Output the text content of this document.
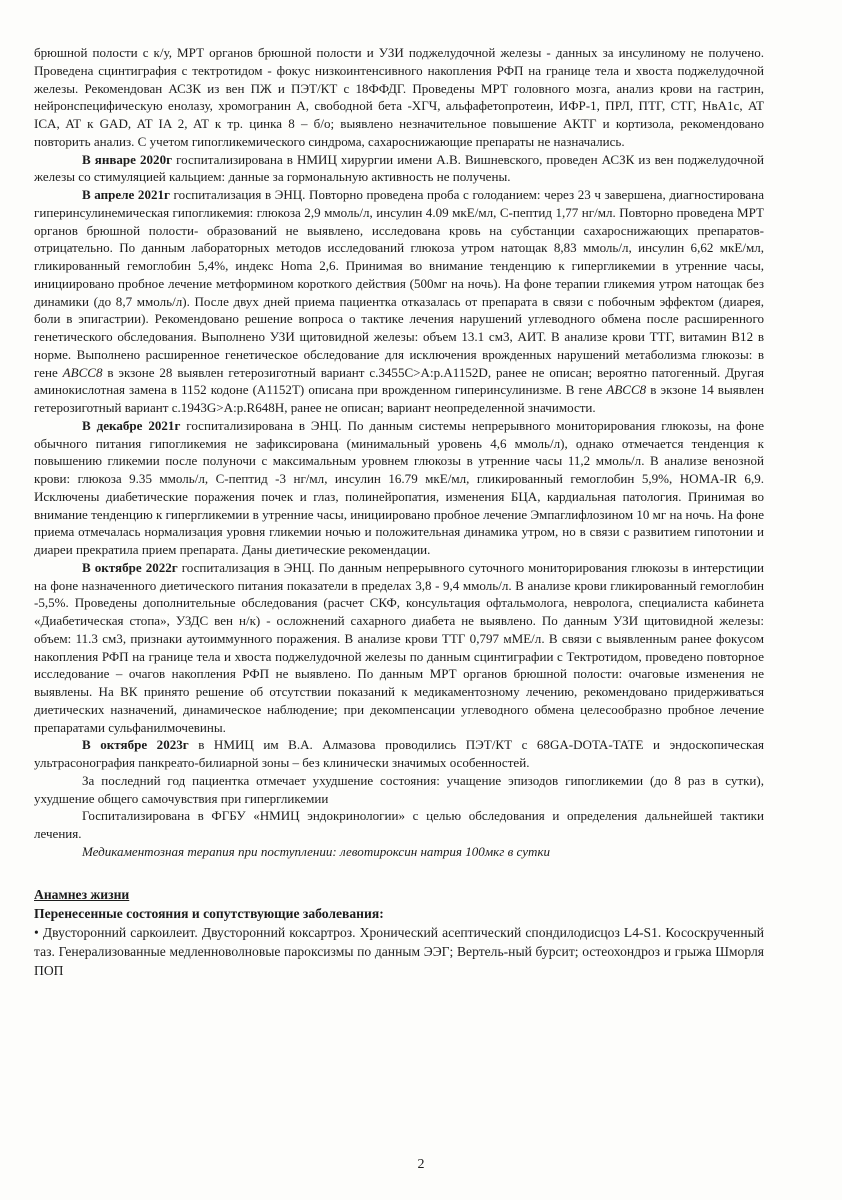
брюшной полости с к/у, МРТ органов брюшной полости и УЗИ поджелудочной железы - данных за инсулиному не получено. Проведена сцинтиграфия с тектротидом - фокус низкоинтенсивного накопления РФП на границе тела и хвоста поджелудочной железы. Рекомендован АСЗК из вен ПЖ и ПЭТ/КТ с 18ФФДГ. Проведены МРТ головного мозга, анализ крови на гастрин, нейронспецифическую енолазу, хромогранин А, свободной бета -ХГЧ, альфафетопротеин, ИФР-1, ПРЛ, ПТГ, СТГ, НвА1с, AT ICA, AT к GAD, AT IA 2, AT к тр. цинка 8 – б/о; выявлено незначительное повышение АКТГ и кортизола, рекомендовано повторить анализ. С учетом гипогликемического синдрома, сахароснижающие препараты не назначались.

В январе 2020г госпитализирована в НМИЦ хирургии имени А.В. Вишневского, проведен АСЗК из вен поджелудочной железы со стимуляцией кальцием: данные за гормональную активность не получены.

В апреле 2021г госпитализация в ЭНЦ. Повторно проведена проба с голоданием: через 23 ч завершена, диагностирована гиперинсулинемическая гипогликемия: глюкоза 2,9 ммоль/л, инсулин 4.09 мкЕ/мл, С-пептид 1,77 нг/мл. Повторно проведена МРТ органов брюшной полости- образований не выявлено, исследована кровь на субстанции сахароснижающих препаратов- отрицательно. По данным лабораторных методов исследований глюкоза утром натощак 8,83 ммоль/л, инсулин 6,62 мкЕ/мл, гликированный гемоглобин 5,4%, индекс Homa 2,6. Принимая во внимание тенденцию к гипергликемии в утренние часы, инициировано пробное лечение метформином короткого действия (500мг на ночь). На фоне терапии гликемия утром натощак без динамики (до 8,7 ммоль/л). После двух дней приема пациентка отказалась от препарата в связи с побочным эффектом (диарея, боли в эпигастрии). Рекомендовано решение вопроса о тактике лечения нарушений углеводного обмена после расширенного генетического обследования. Выполнено УЗИ щитовидной железы: объем 13.1 см3, АИТ. В анализе крови ТТГ, витамин В12 в норме. Выполнено расширенное генетическое обследование для исключения врожденных нарушений метаболизма глюкозы: в гене ABCC8 в экзоне 28 выявлен гетерозиготный вариант c.3455C>A:p.A1152D, ранее не описан; вероятно патогенный. Другая аминокислотная замена в 1152 кодоне (A1152T) описана при врожденном гиперинсулинизме. В гене ABCC8 в экзоне 14 выявлен гетерозиготный вариант c.1943G>A:p.R648H, ранее не описан; вариант неопределенной значимости.

В декабре 2021г госпитализирована в ЭНЦ. По данным системы непрерывного мониторирования глюкозы, на фоне обычного питания гипогликемия не зафиксирована (минимальный уровень 4,6 ммоль/л), однако отмечается тенденция к повышению гликемии после полуночи с максимальным уровнем глюкозы в утренние часы 11,2 ммоль/л. В анализе венозной крови: глюкоза 9.35 ммоль/л, С-пептид -3 нг/мл, инсулин 16.79 мкЕ/мл, гликированный гемоглобин 5,9%, HOMA-IR 6,9. Исключены диабетические поражения почек и глаз, полинейропатия, изменения БЦА, кардиальная патология. Принимая во внимание тенденцию к гипергликемии в утренние часы, инициировано пробное лечение Эмпаглифлозином 10 мг на ночь. На фоне приема отмечалась нормализация уровня гликемии ночью и положительная динамика утром, но в связи с развитием гипотонии и диареи прекратила прием препарата. Даны диетические рекомендации.

В октябре 2022г госпитализация в ЭНЦ. По данным непрерывного суточного мониторирования глюкозы в интерстиции на фоне назначенного диетического питания показатели в пределах 3,8 - 9,4 ммоль/л. В анализе крови гликированный гемоглобин -5,5%. Проведены дополнительные обследования (расчет СКФ, консультация офтальмолога, невролога, специалиста кабинета «Диабетическая стопа», УЗДС вен н/к) - осложнений сахарного диабета не выявлено. По данным УЗИ щитовидной железы: объем: 11.3 см3, признаки аутоиммунного поражения. В анализе крови ТТГ 0,797 мМЕ/л. В связи с выявленным ранее фокусом накопления РФП на границе тела и хвоста поджелудочной железы по данным сцинтиграфии с Тектротидом, проведено повторное исследование – очагов накопления РФП не выявлено. По данным МРТ органов брюшной полости: очаговые изменения не выявлены. На ВК принято решение об отсутствии показаний к медикаментозному лечению, рекомендовано придерживаться диетических назначений, динамическое наблюдение; при декомпенсации углеводного обмена целесообразно пробное лечение препаратами сульфанилмочевины.

В октябре 2023г в НМИЦ им В.А. Алмазова проводились ПЭТ/КТ с 68GA-DOTA-TATE и эндоскопическая ультрасонография панкреато-билиарной зоны – без клинически значимых особенностей.

За последний год пациентка отмечает ухудшение состояния: учащение эпизодов гипогликемии (до 8 раз в сутки), ухудшение общего самочувствия при гипергликемии

Госпитализирована в ФГБУ «НМИЦ эндокринологии» с целью обследования и определения дальнейшей тактики лечения.

Медикаментозная терапия при поступлении: левотироксин натрия 100мкг в сутки

Анамнез жизни

Перенесенные состояния и сопутствующие заболевания:

• Двусторонний саркоилеит. Двусторонний коксартроз. Хронический асептический спондилодисцоз L4-S1. Кососкрученный таз. Генерализованные медленноволновые пароксизмы по данным ЭЭГ; Вертель-ный бурсит; остеохондроз и грыжа Шморля ПОП

2
